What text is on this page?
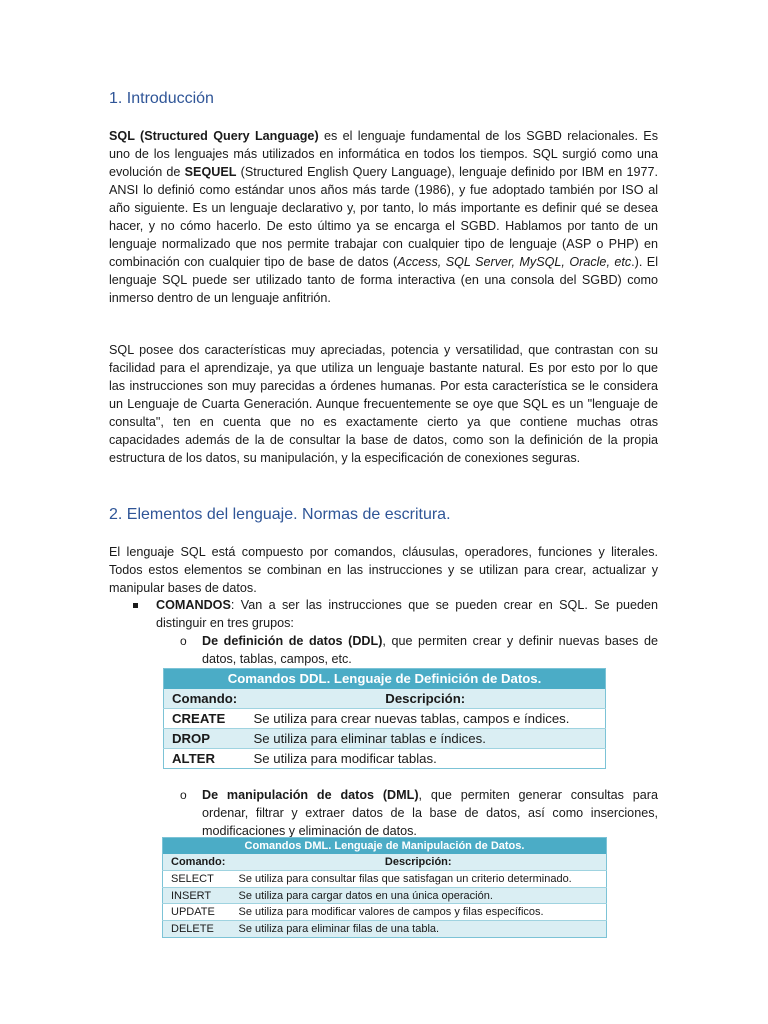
1. Introducción

SQL (Structured Query Language) es el lenguaje fundamental de los SGBD relacionales. Es uno de los lenguajes más utilizados en informática en todos los tiempos. SQL surgió como una evolución de SEQUEL (Structured English Query Language), lenguaje definido por IBM en 1977. ANSI lo definió como estándar unos años más tarde (1986), y fue adoptado también por ISO al año siguiente. Es un lenguaje declarativo y, por tanto, lo más importante es definir qué se desea hacer, y no cómo hacerlo. De esto último ya se encarga el SGBD. Hablamos por tanto de un lenguaje normalizado que nos permite trabajar con cualquier tipo de lenguaje (ASP o PHP) en combinación con cualquier tipo de base de datos (Access, SQL Server, MySQL, Oracle, etc.). El lenguaje SQL puede ser utilizado tanto de forma interactiva (en una consola del SGBD) como inmerso dentro de un lenguaje anfitrión.

SQL posee dos características muy apreciadas, potencia y versatilidad, que contrastan con su facilidad para el aprendizaje, ya que utiliza un lenguaje bastante natural. Es por esto por lo que las instrucciones son muy parecidas a órdenes humanas. Por esta característica se le considera un Lenguaje de Cuarta Generación. Aunque frecuentemente se oye que SQL es un "lenguaje de consulta", ten en cuenta que no es exactamente cierto ya que contiene muchas otras capacidades además de la de consultar la base de datos, como son la definición de la propia estructura de los datos, su manipulación, y la especificación de conexiones seguras.

2. Elementos del lenguaje. Normas de escritura.

El lenguaje SQL está compuesto por comandos, cláusulas, operadores, funciones y literales. Todos estos elementos se combinan en las instrucciones y se utilizan para crear, actualizar y manipular bases de datos.

COMANDOS: Van a ser las instrucciones que se pueden crear en SQL. Se pueden distinguir en tres grupos:

o De definición de datos (DDL), que permiten crear y definir nuevas bases de datos, tablas, campos, etc.

Comandos DDL. Lenguaje de Definición de Datos.	
Comando:	Descripción:
CREATE	Se utiliza para crear nuevas tablas, campos e índices.
DROP	Se utiliza para eliminar tablas e índices.
ALTER	Se utiliza para modificar tablas.
o De manipulación de datos (DML), que permiten generar consultas para ordenar, filtrar y extraer datos de la base de datos, así como inserciones, modificaciones y eliminación de datos.

Comandos DML. Lenguaje de Manipulación de Datos.	
Comando:	Descripción:
SELECT	Se utiliza para consultar filas que satisfagan un criterio determinado.
INSERT	Se utiliza para cargar datos en una única operación.
UPDATE	Se utiliza para modificar valores de campos y filas específicos.
DELETE	Se utiliza para eliminar filas de una tabla.
